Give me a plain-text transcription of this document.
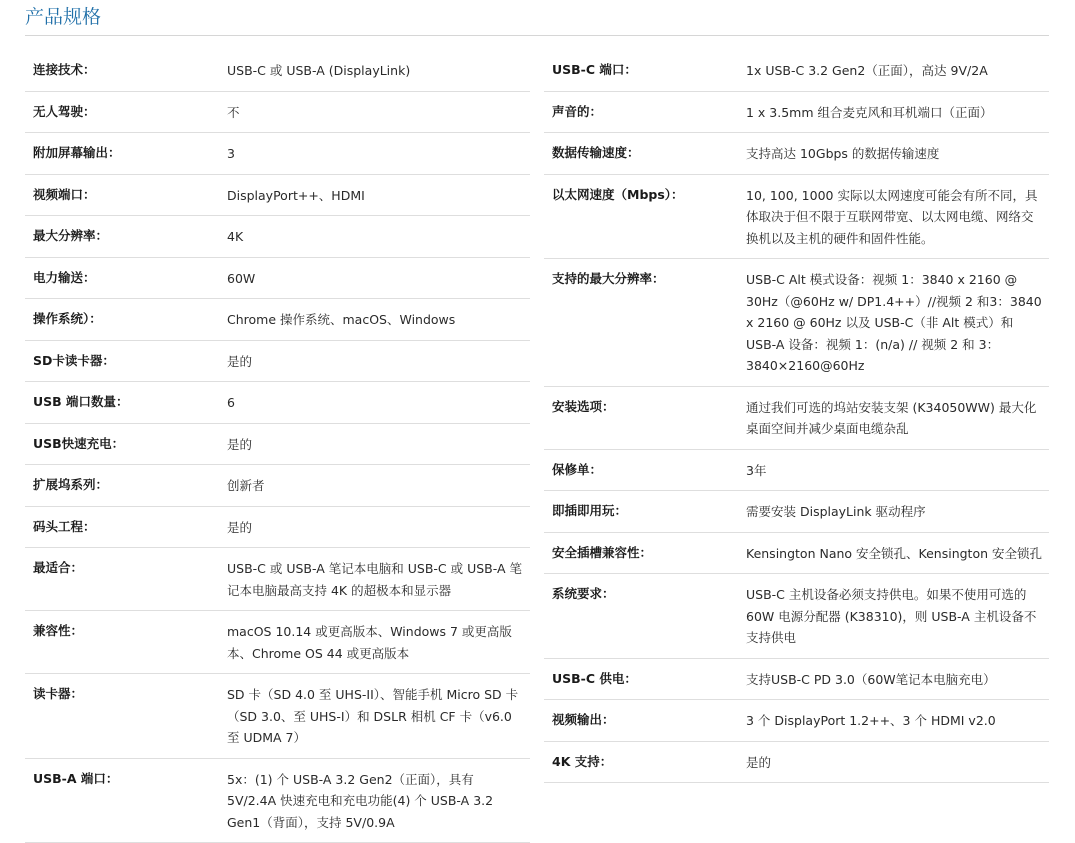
产品规格
连接技术：	USB-C 或 USB-A (DisplayLink)
无人驾驶：	不
附加屏幕输出：	3
视频端口：	DisplayPort++、HDMI
最大分辨率：	4K
电力输送：	60W
操作系统）：	Chrome 操作系统、macOS、Windows
SD卡读卡器：	是的
USB 端口数量：	6
USB快速充电：	是的
扩展坞系列：	创新者
码头工程：	是的
最适合：	USB-C 或 USB-A 笔记本电脑和 USB-C 或 USB-A 笔记本电脑最高支持 4K 的超极本和显示器
兼容性：	macOS 10.14 或更高版本、Windows 7 或更高版本、Chrome OS 44 或更高版本
读卡器：	SD 卡（SD 4.0 至 UHS-II）、智能手机 Micro SD 卡（SD 3.0、至 UHS-I）和 DSLR 相机 CF 卡（v6.0 至 UDMA 7）
USB-A 端口：	5x：(1) 个 USB-A 3.2 Gen2（正面），具有 5V/2.4A 快速充电和充电功能(4) 个 USB-A 3.2 Gen1（背面），支持 5V/0.9A
USB-C 端口：	1x USB-C 3.2 Gen2（正面），高达 9V/2A
声音的：	1 x 3.5mm 组合麦克风和耳机端口（正面）
数据传输速度：	支持高达 10Gbps 的数据传输速度
以太网速度（Mbps）：	10, 100, 1000 实际以太网速度可能会有所不同，具体取决于但不限于互联网带宽、以太网电缆、网络交换机以及主机的硬件和固件性能。
支持的最大分辨率：	USB-C Alt 模式设备：视频 1：3840 x 2160 @ 30Hz（@60Hz w/ DP1.4++）//视频 2 和3：3840 x 2160 @ 60Hz 以及 USB-C（非 Alt 模式）和 USB-A 设备：视频 1：(n/a) // 视频 2 和 3：3840×2160@60Hz
安装选项：	通过我们可选的坞站安装支架 (K34050WW) 最大化桌面空间并减少桌面电缆杂乱
保修单：	3年
即插即用玩：	需要安装 DisplayLink 驱动程序
安全插槽兼容性：	Kensington Nano 安全锁孔、Kensington 安全锁孔
系统要求：	USB-C 主机设备必须支持供电。如果不使用可选的 60W 电源分配器 (K38310)，则 USB-A 主机设备不支持供电
USB-C 供电：	支持USB-C PD 3.0（60W笔记本电脑充电）
视频输出：	3 个 DisplayPort 1.2++、3 个 HDMI v2.0
4K 支持：	是的
